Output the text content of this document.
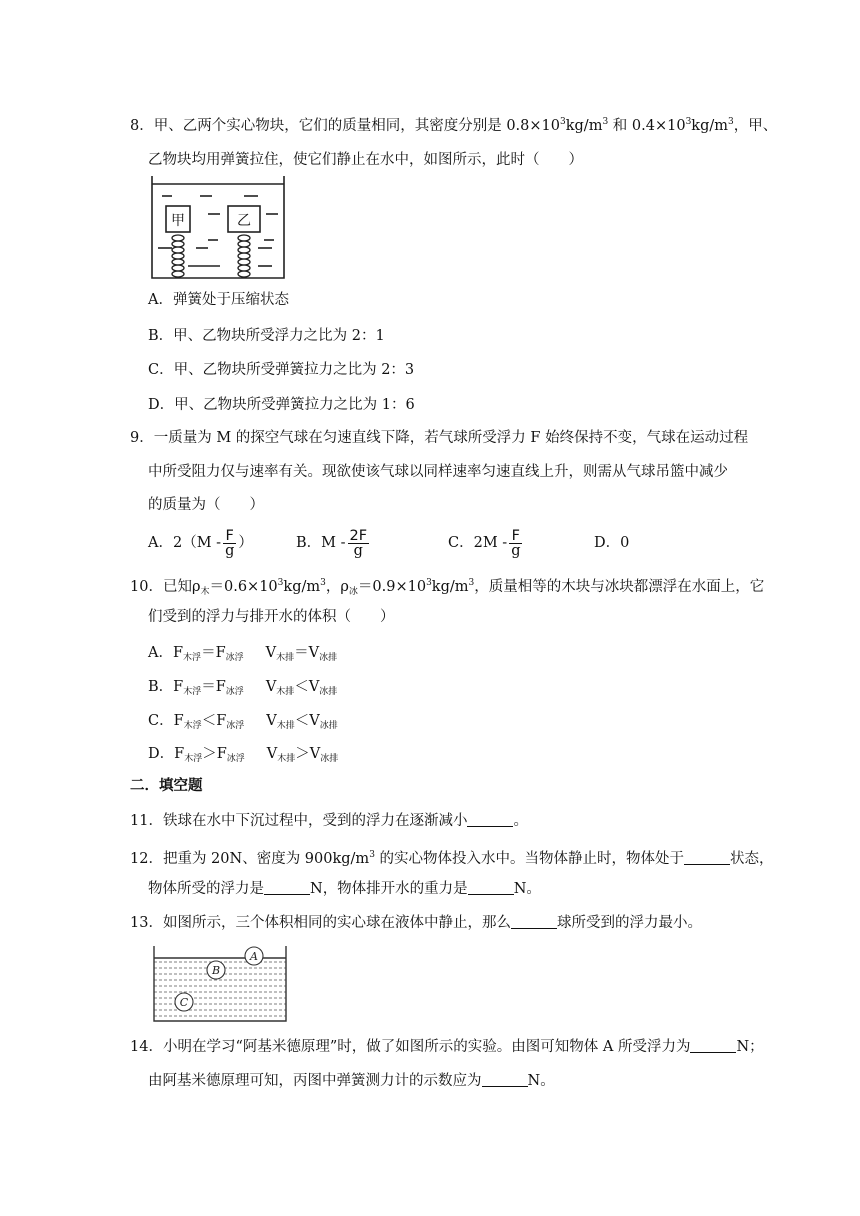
8．甲、乙两个实心物块，它们的质量相同，其密度分别是 $0.8\times 10^3kg/m^3$ 和 $0.4\times 10^3kg/m^3$，甲、
乙物块均用弹簧拉住，使它们静止在水中，如图所示，此时（　　）
甲	乙
A．弹簧处于压缩状态
B．甲、乙物块所受浮力之比为 2：1
C．甲、乙物块所受弹簧拉力之比为 2：3
D．甲、乙物块所受弹簧拉力之比为 1：6
9．一质量为 M 的探空气球在匀速直线下降，若气球所受浮力 F 始终保持不变，气球在运动过程
中所受阻力仅与速率有关。现欲使该气球以同样速率匀速直线上升，则需从气球吊篮中减少
的质量为（　　）
A．$2(M - \frac{F}{g}$ ）	B．M - $\frac{2F}{g}$	C．$2M - \frac{F}{g}$	D．0
10．已知$\rho_木=0.6\times 10^3kg/m^3$，$\rho_冰=0.9\times 10^3kg/m^3$，质量相等的木块与冰块都漂浮在水面上，它
们受到的浮力与排开水的体积（　　）
A．$F_{木浮}=F_{冰浮}$ $V_{木排}=V_{冰排}$
B．$F_{木浮}=F_{冰浮}$ $V_{木排}<V_{冰排}$
C．$F_{木浮}<F_{冰浮}$ $V_{木排}<V_{冰排}$
D．$F_{木浮}>F_{冰浮}$ $V_{木排}>V_{冰排}$
二．填空题
11．铁球在水中下沉过程中，受到的浮力在逐渐减小	。
12．把重为 20N、密度为 $900kg/m^3$ 的实心物体投入水中。当物体静止时，物体处于	状态，
物体所受的浮力是	N，物体排开水的重力是	N。
13．如图所示，三个体积相同的实心球在液体中静止，那么	球所受到的浮力最小。
A
B
C
14．小明在学习“阿基米德原理”时，做了如图所示的实验。由图可知物体 A 所受浮力为	N；
由阿基米德原理可知，丙图中弹簧测力计的示数应为	N。
